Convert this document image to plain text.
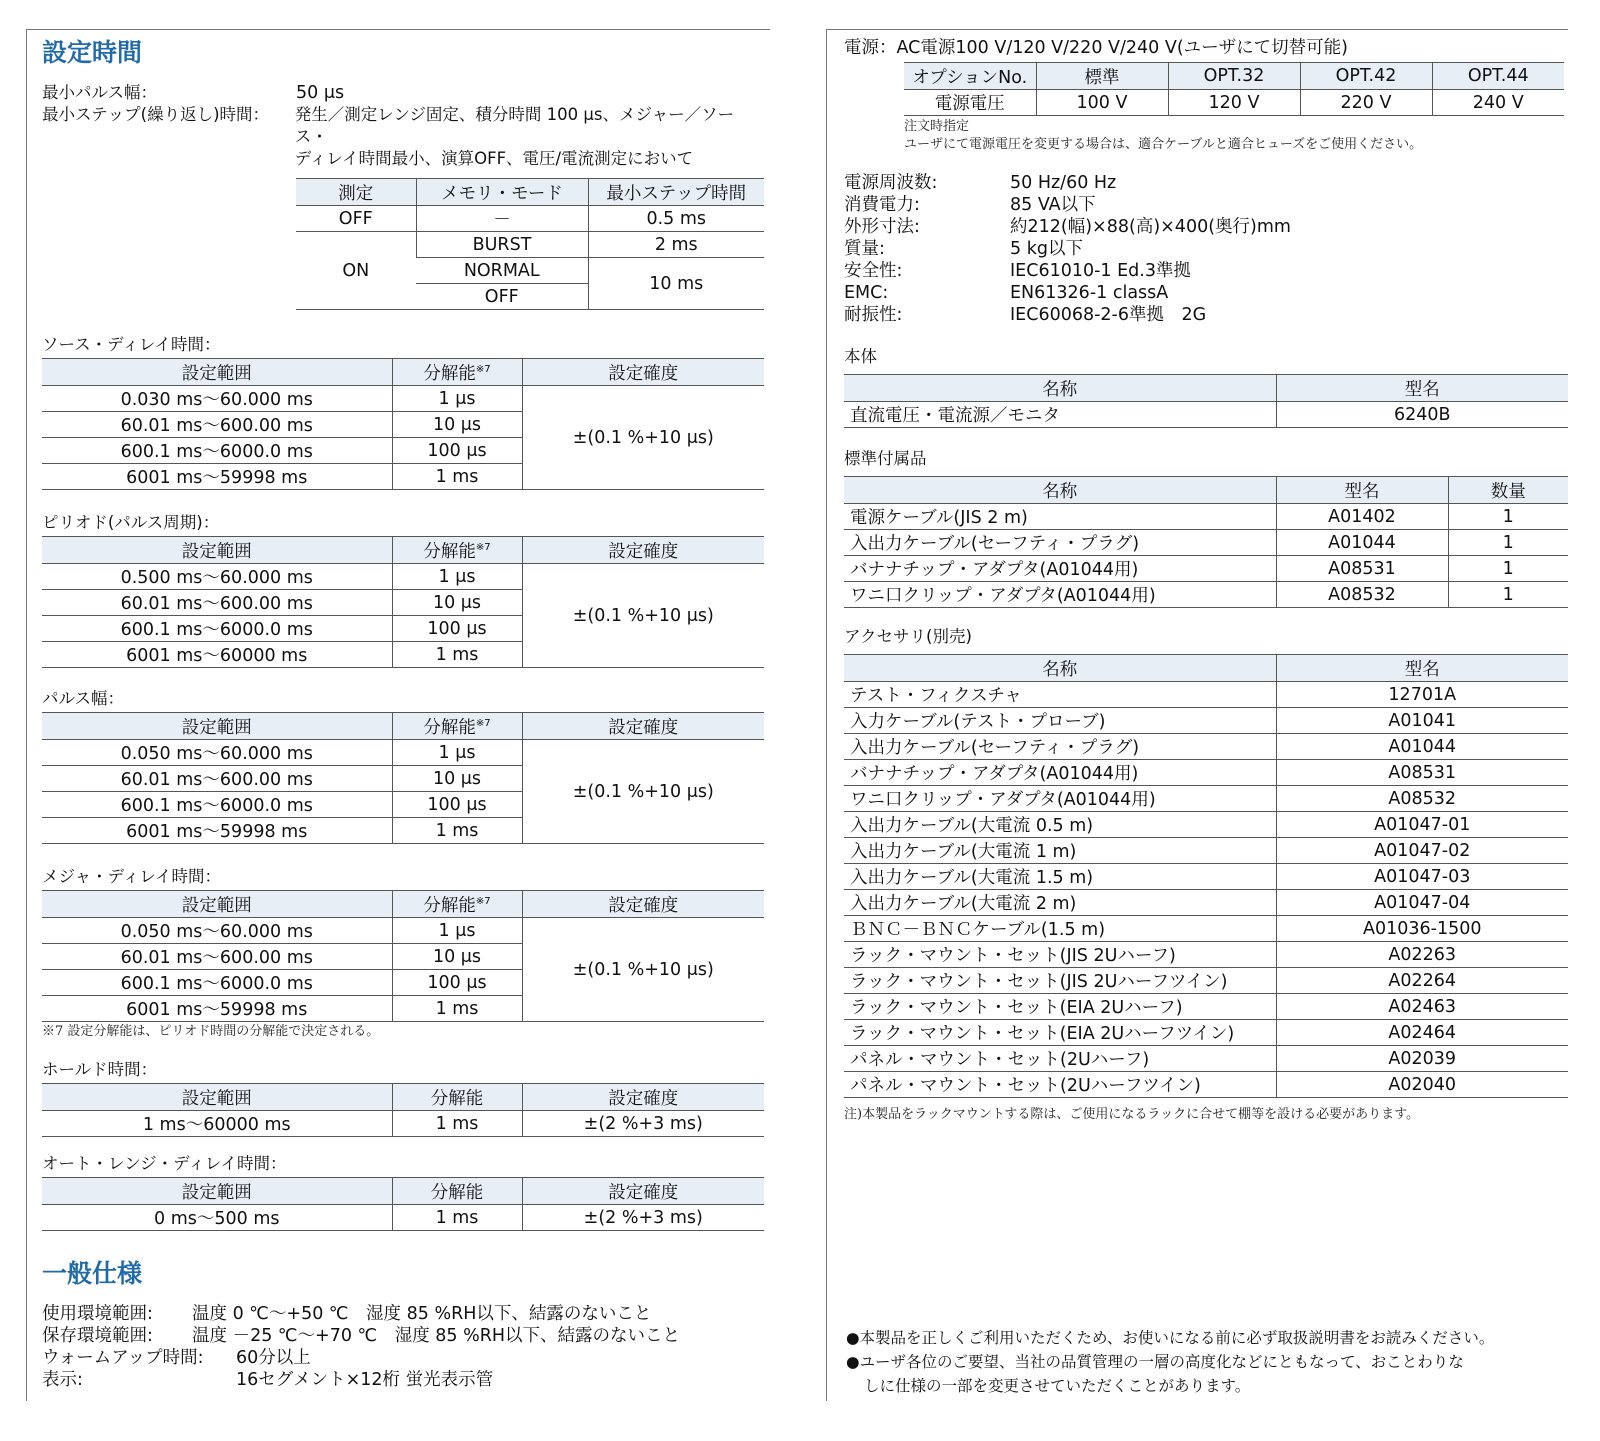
設定時間
最小パルス幅：	50 μs
最小ステップ(繰り返し)時間：	発生／測定レンジ固定、積分時間 100 μs、メジャー／ソース・
ディレイ時間最小、演算OFF、電圧/電流測定において
測定	メモリ・モード	最小ステップ時間
OFF	－	0.5 ms
ON	BURST	2 ms
	NORMAL	10 ms
	OFF	
ソース・ディレイ時間：
設定範囲	分解能$^{※7}$	設定確度
0.030 ms～60.000 ms	1 μs	±(0.1 %+10 μs)
60.01 ms～600.00 ms	10 μs	
600.1 ms～6000.0 ms	100 μs	
6001 ms～59998 ms	1 ms	
ピリオド(パルス周期)：
設定範囲	分解能$^{※7}$	設定確度
0.500 ms～60.000 ms	1 μs	±(0.1 %+10 μs)
60.01 ms～600.00 ms	10 μs	
600.1 ms～6000.0 ms	100 μs	
6001 ms～60000 ms	1 ms	
パルス幅：
設定範囲	分解能$^{※7}$	設定確度
0.050 ms～60.000 ms	1 μs	±(0.1 %+10 μs)
60.01 ms～600.00 ms	10 μs	
600.1 ms～6000.0 ms	100 μs	
6001 ms～59998 ms	1 ms	
メジャ・ディレイ時間：
設定範囲	分解能$^{※7}$	設定確度
0.050 ms～60.000 ms	1 μs	±(0.1 %+10 μs)
60.01 ms～600.00 ms	10 μs	
600.1 ms～6000.0 ms	100 μs	
6001 ms～59998 ms	1 ms	
※7 設定分解能は、ピリオド時間の分解能で決定される。
ホールド時間：
設定範囲	分解能	設定確度
1 ms～60000 ms	1 ms	±(2 %+3 ms)
オート・レンジ・ディレイ時間：
設定範囲	分解能	設定確度
0 ms～500 ms	1 ms	±(2 %+3 ms)
一般仕様
使用環境範囲:	温度 0 ℃～+50 ℃　湿度 85 %RH以下、結露のないこと
保存環境範囲:	温度 －25 ℃～+70 ℃　湿度 85 %RH以下、結露のないこと
ウォームアップ時間:	60分以上
表示:	16セグメント×12桁 蛍光表示管
電源：AC電源100 V/120 V/220 V/240 V(ユーザにて切替可能)
オプションNo.	標準	OPT.32	OPT.42	OPT.44
電源電圧	100 V	120 V	220 V	240 V
注文時指定
ユーザにて電源電圧を変更する場合は、適合ケーブルと適合ヒューズをご使用ください。
電源周波数:	50 Hz/60 Hz
消費電力:	85 VA以下
外形寸法:	約212(幅)×88(高)×400(奥行)mm
質量:	5 kg以下
安全性:	IEC61010-1 Ed.3準拠
EMC:	EN61326-1 classA
耐振性:	IEC60068-2-6準拠　2G
本体
名称	型名
直流電圧・電流源／モニタ	6240B
標準付属品
名称	型名	数量
電源ケーブル(JIS 2 m)	A01402	1
入出力ケーブル(セーフティ・プラグ)	A01044	1
バナナチップ・アダプタ(A01044用)	A08531	1
ワニ口クリップ・アダプタ(A01044用)	A08532	1
アクセサリ(別売)
名称	型名
テスト・フィクスチャ	12701A
入力ケーブル(テスト・プローブ)	A01041
入出力ケーブル(セーフティ・プラグ)	A01044
バナナチップ・アダプタ(A01044用)	A08531
ワニ口クリップ・アダプタ(A01044用)	A08532
入出力ケーブル(大電流 0.5 m)	A01047-01
入出力ケーブル(大電流 1 m)	A01047-02
入出力ケーブル(大電流 1.5 m)	A01047-03
入出力ケーブル(大電流 2 m)	A01047-04
ＢＮＣ－ＢＮＣケーブル(1.5 m)	A01036-1500
ラック・マウント・セット(JIS 2Uハーフ)	A02263
ラック・マウント・セット(JIS 2Uハーフツイン)	A02264
ラック・マウント・セット(EIA 2Uハーフ)	A02463
ラック・マウント・セット(EIA 2Uハーフツイン)	A02464
パネル・マウント・セット(2Uハーフ)	A02039
パネル・マウント・セット(2Uハーフツイン)	A02040
注)本製品をラックマウントする際は、ご使用になるラックに合せて棚等を設ける必要があります。
●本製品を正しくご利用いただくため、お使いになる前に必ず取扱説明書をお読みください。
●ユーザ各位のご要望、当社の品質管理の一層の高度化などにともなって、おことわりな
しに仕様の一部を変更させていただくことがあります。
